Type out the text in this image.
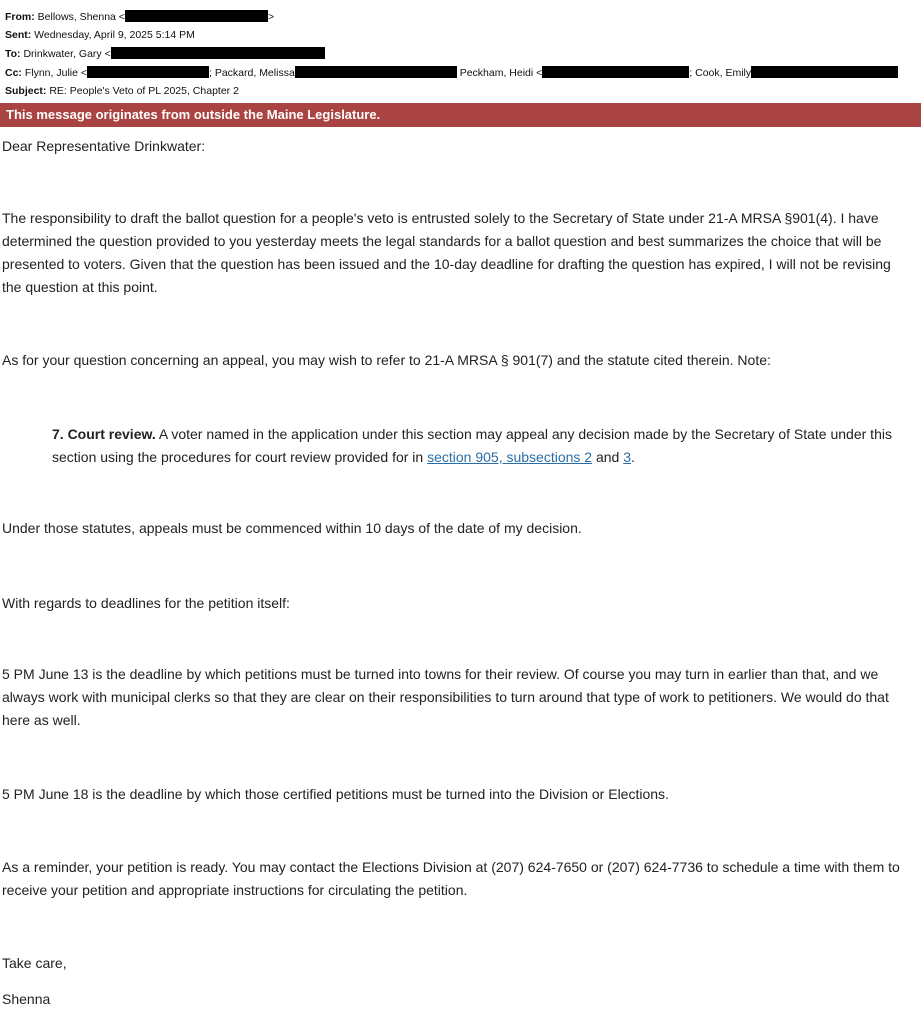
From: Bellows, Shenna <	>
Sent: Wednesday, April 9, 2025 5:14 PM
To: Drinkwater, Gary <
Cc: Flynn, Julie <	; Packard, Melissa	Peckham, Heidi <	; Cook, Emily
Subject: RE: People's Veto of PL 2025, Chapter 2
This message originates from outside the Maine Legislature.
Dear Representative Drinkwater:
The responsibility to draft the ballot question for a people's veto is entrusted solely to the Secretary of State under 21-A MRSA §901(4). I have determined the question provided to you yesterday meets the legal standards for a ballot question and best summarizes the choice that will be presented to voters. Given that the question has been issued and the 10-day deadline for drafting the question has expired, I will not be revising the question at this point.
As for your question concerning an appeal, you may wish to refer to 21-A MRSA § 901(7) and the statute cited therein. Note:
7. Court review. A voter named in the application under this section may appeal any decision made by the Secretary of State under this section using the procedures for court review provided for in section 905, subsections 2 and 3.
Under those statutes, appeals must be commenced within 10 days of the date of my decision.
With regards to deadlines for the petition itself:
5 PM June 13 is the deadline by which petitions must be turned into towns for their review. Of course you may turn in earlier than that, and we always work with municipal clerks so that they are clear on their responsibilities to turn around that type of work to petitioners. We would do that here as well.
5 PM June 18 is the deadline by which those certified petitions must be turned into the Division or Elections.
As a reminder, your petition is ready. You may contact the Elections Division at (207) 624-7650 or (207) 624-7736 to schedule a time with them to receive your petition and appropriate instructions for circulating the petition.
Take care,
Shenna
